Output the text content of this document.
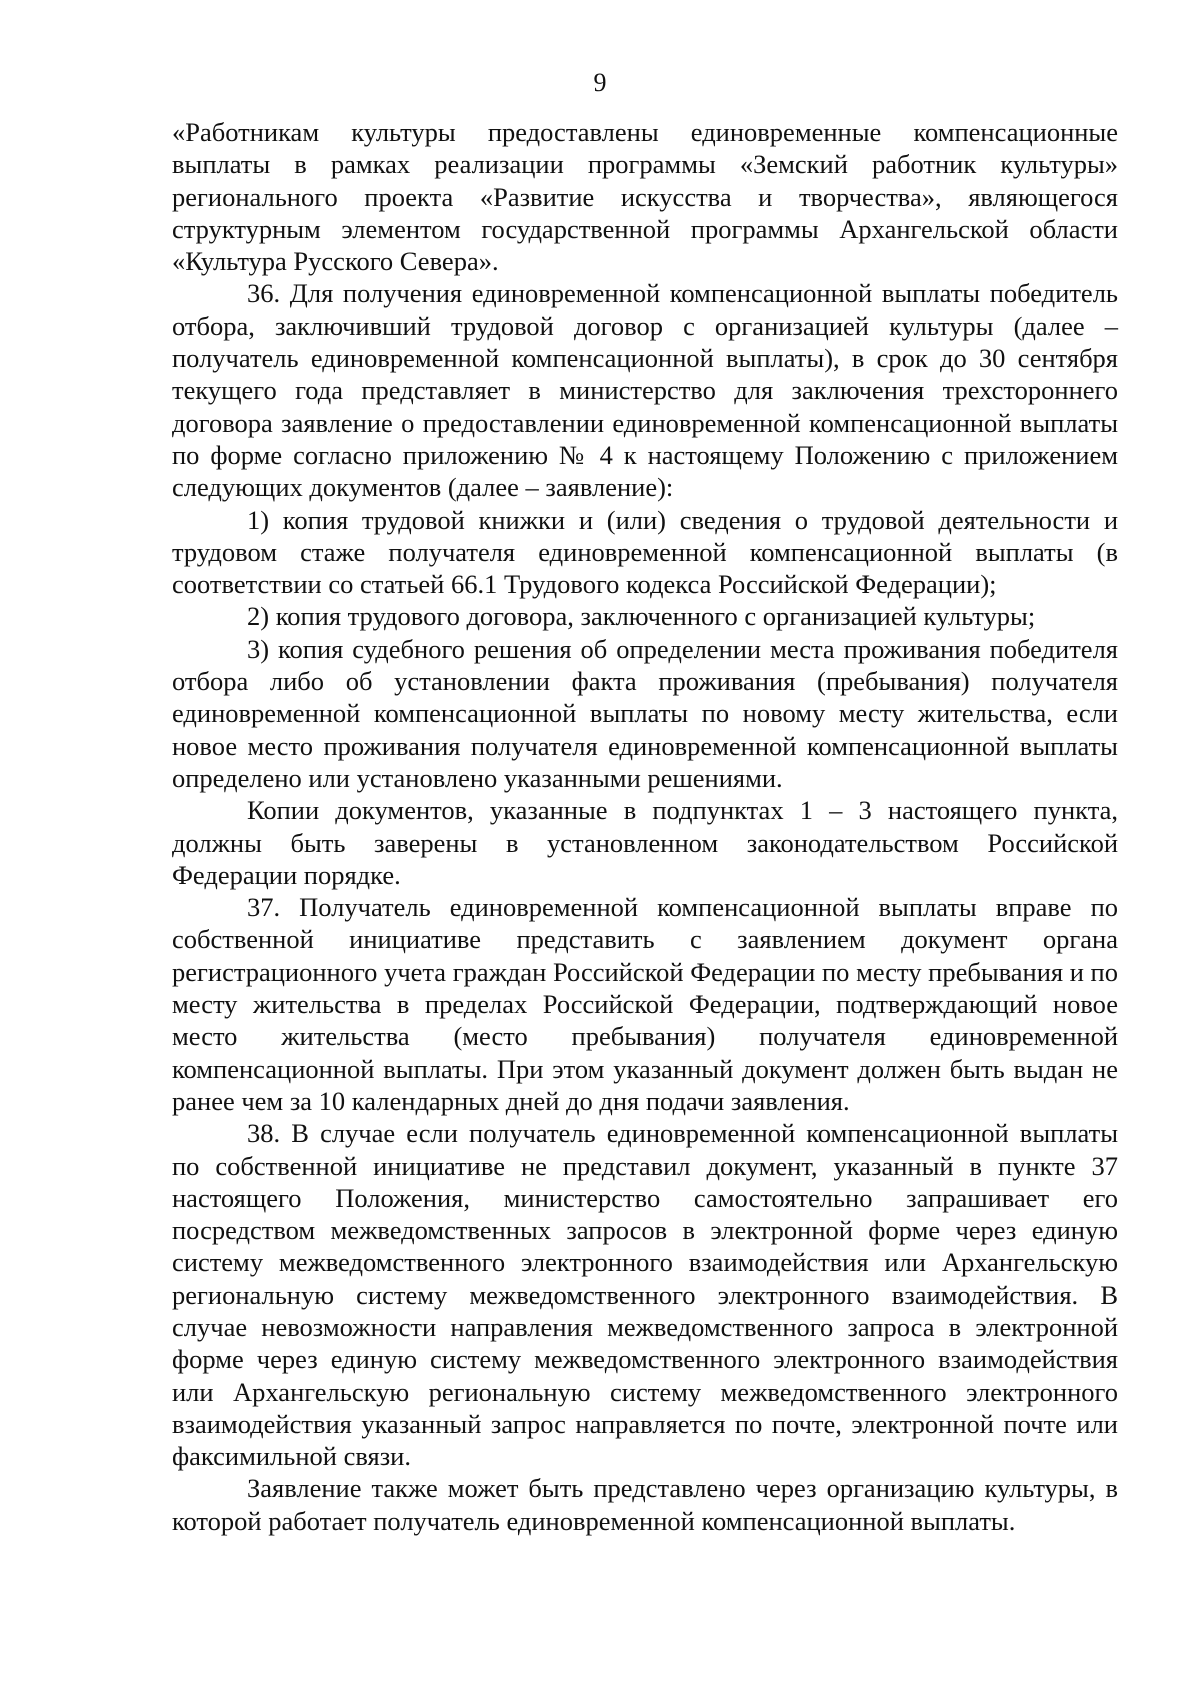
9

«Работникам культуры предоставлены единовременные компенсационные выплаты в рамках реализации программы «Земский работник культуры» регионального проекта «Развитие искусства и творчества», являющегося структурным элементом государственной программы Архангельской области «Культура Русского Севера».

36. Для получения единовременной компенсационной выплаты победитель отбора, заключивший трудовой договор с организацией культуры (далее – получатель единовременной компенсационной выплаты), в срок до 30 сентября текущего года представляет в министерство для заключения трехстороннего договора заявление о предоставлении единовременной компенсационной выплаты по форме согласно приложению № 4 к настоящему Положению с приложением следующих документов (далее – заявление):

1) копия трудовой книжки и (или) сведения о трудовой деятельности и трудовом стаже получателя единовременной компенсационной выплаты (в соответствии со статьей 66.1 Трудового кодекса Российской Федерации);

2) копия трудового договора, заключенного с организацией культуры;

3) копия судебного решения об определении места проживания победителя отбора либо об установлении факта проживания (пребывания) получателя единовременной компенсационной выплаты по новому месту жительства, если новое место проживания получателя единовременной компенсационной выплаты определено или установлено указанными решениями.

Копии документов, указанные в подпунктах 1 – 3 настоящего пункта, должны быть заверены в установленном законодательством Российской Федерации порядке.

37. Получатель единовременной компенсационной выплаты вправе по собственной инициативе представить с заявлением документ органа регистрационного учета граждан Российской Федерации по месту пребывания и по месту жительства в пределах Российской Федерации, подтверждающий новое место жительства (место пребывания) получателя единовременной компенсационной выплаты. При этом указанный документ должен быть выдан не ранее чем за 10 календарных дней до дня подачи заявления.

38. В случае если получатель единовременной компенсационной выплаты по собственной инициативе не представил документ, указанный в пункте 37 настоящего Положения, министерство самостоятельно запрашивает его посредством межведомственных запросов в электронной форме через единую систему межведомственного электронного взаимодействия или Архангельскую региональную систему межведомственного электронного взаимодействия. В случае невозможности направления межведомственного запроса в электронной форме через единую систему межведомственного электронного взаимодействия или Архангельскую региональную систему межведомственного электронного взаимодействия указанный запрос направляется по почте, электронной почте или факсимильной связи.

Заявление также может быть представлено через организацию культуры, в которой работает получатель единовременной компенсационной выплаты.
